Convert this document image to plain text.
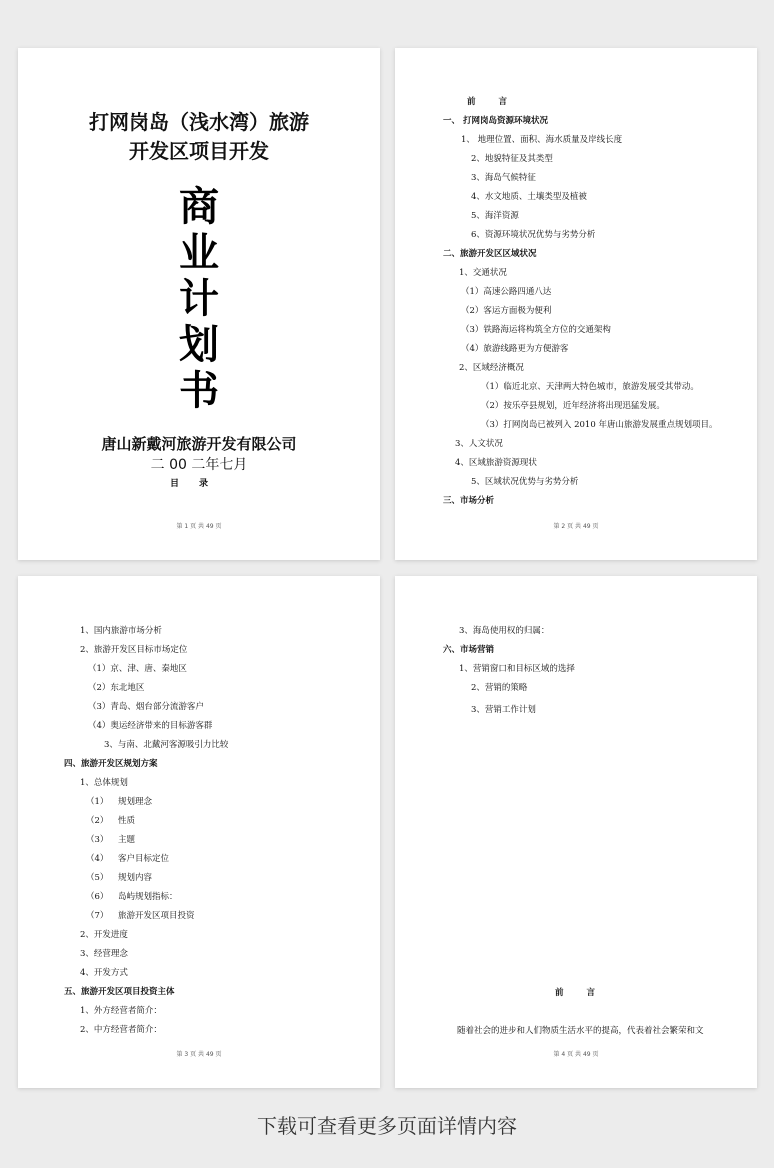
打网岗岛（浅水湾）旅游
开发区项目开发
商
业
计
划
书
唐山新戴河旅游开发有限公司
二 00 二年七月
目录
第 1 页 共 49 页
前 言
一、 打网岗岛资源环境状况
1、 地理位置、面积、海水质量及岸线长度
2、地貌特征及其类型
3、海岛气候特征
4、水文地质、土壤类型及植被
5、海洋资源
6、资源环境状况优势与劣势分析
二、旅游开发区区域状况
1、交通状况
（1）高速公路四通八达
（2）客运方面极为便利
（3）铁路海运将构筑全方位的交通架构
（4）旅游线路更为方便游客
2、区域经济概况
（1）临近北京、天津两大特色城市，旅游发展受其带动。
（2）按乐亭县规划，近年经济将出现迅猛发展。
（3）打网岗岛已被列入 2010 年唐山旅游发展重点规划项目。
3、人文状况
4、区域旅游资源现状
5、区域状况优势与劣势分析
三、市场分析
第 2 页 共 49 页
1、国内旅游市场分析
2、旅游开发区目标市场定位
（1）京、津、唐、秦地区
（2）东北地区
（3）青岛、烟台部分流游客户
（4）奥运经济带来的目标游客群
3、与南、北戴河客源吸引力比较
四、旅游开发区规划方案
1、总体规划
（1） 规划理念
（2） 性质
（3） 主题
（4） 客户目标定位
（5） 规划内容
（6） 岛屿规划指标：
（7） 旅游开发区项目投资
2、开发进度
3、经营理念
4、开发方式
五、旅游开发区项目投资主体
1、外方经营者简介：
2、中方经营者简介：
第 3 页 共 49 页
3、海岛使用权的归属：
六、市场营销
1、营销窗口和目标区域的选择
2、营销的策略
3、营销工作计划
前 言
随着社会的进步和人们物质生活水平的提高，代表着社会繁荣和文
第 4 页 共 49 页
下载可查看更多页面详情内容
